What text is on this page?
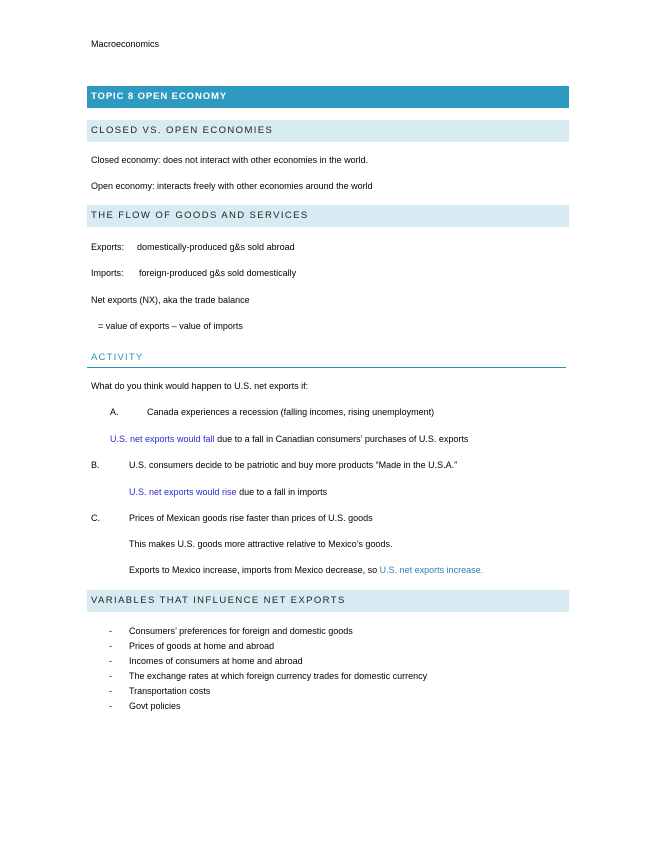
Macroeconomics
TOPIC 8 OPEN ECONOMY
CLOSED VS. OPEN ECONOMIES
Closed economy: does not interact with other economies in the world.
Open economy: interacts freely with other economies around the world
THE FLOW OF GOODS AND SERVICES
Exports: domestically-produced g&s sold abroad
Imports: foreign-produced g&s sold domestically
Net exports (NX), aka the trade balance
= value of exports – value of imports
ACTIVITY
What do you think would happen to U.S. net exports if:
A.	Canada experiences a recession (falling incomes, rising unemployment)
U.S. net exports would fall due to a fall in Canadian consumers’ purchases of U.S. exports
B.	U.S. consumers decide to be patriotic and buy more products “Made in the U.S.A.”
U.S. net exports would rise due to a fall in imports
C.	Prices of Mexican goods rise faster than prices of U.S. goods
This makes U.S. goods more attractive relative to Mexico’s goods.
Exports to Mexico increase, imports from Mexico decrease, so U.S. net exports increase.
VARIABLES THAT INFLUENCE NET EXPORTS
- Consumers’ preferences for foreign and domestic goods
- Prices of goods at home and abroad
- Incomes of consumers at home and abroad
- The exchange rates at which foreign currency trades for domestic currency
- Transportation costs
- Govt policies
